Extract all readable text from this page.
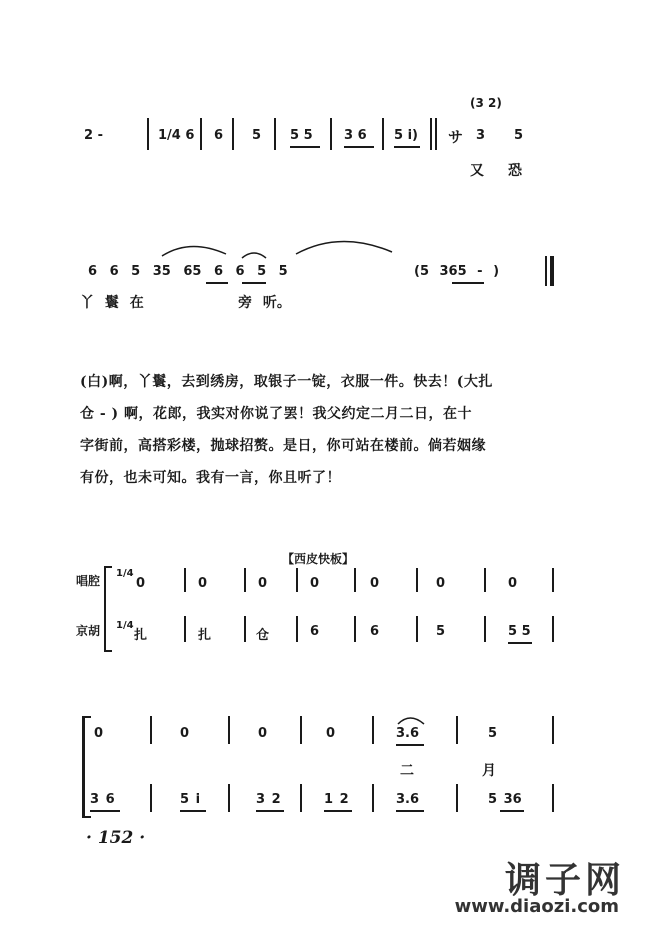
2 -	1/4 6 6 5 5 5 3 6 5 i) サ
(3 2)
3 5
又 恐
6 6 5 35 65 6 6 5 5	(5 365 - )
丫 鬟 在	旁 听。

(白)啊，丫鬟，去到绣房，取银子一锭，衣服一件。快去！(大扎

仓 - ) 啊，花郎，我实对你说了罢！我父约定二月二日，在十

字街前，高搭彩楼，抛球招赘。是日，你可站在楼前。倘若姻缘

有份，也未可知。我有一言，你且听了！

【西皮快板】
唱腔
京胡
1/4
1/4
0	0	0	0	0	0	0
扎	扎	仓	6	6	5	5 5
0	0	0	0	3.6	5
二	月
3 6	5 i	3 2	1 2	3.6	5 36
· 152 ·
调子网
www.diaozi.com
